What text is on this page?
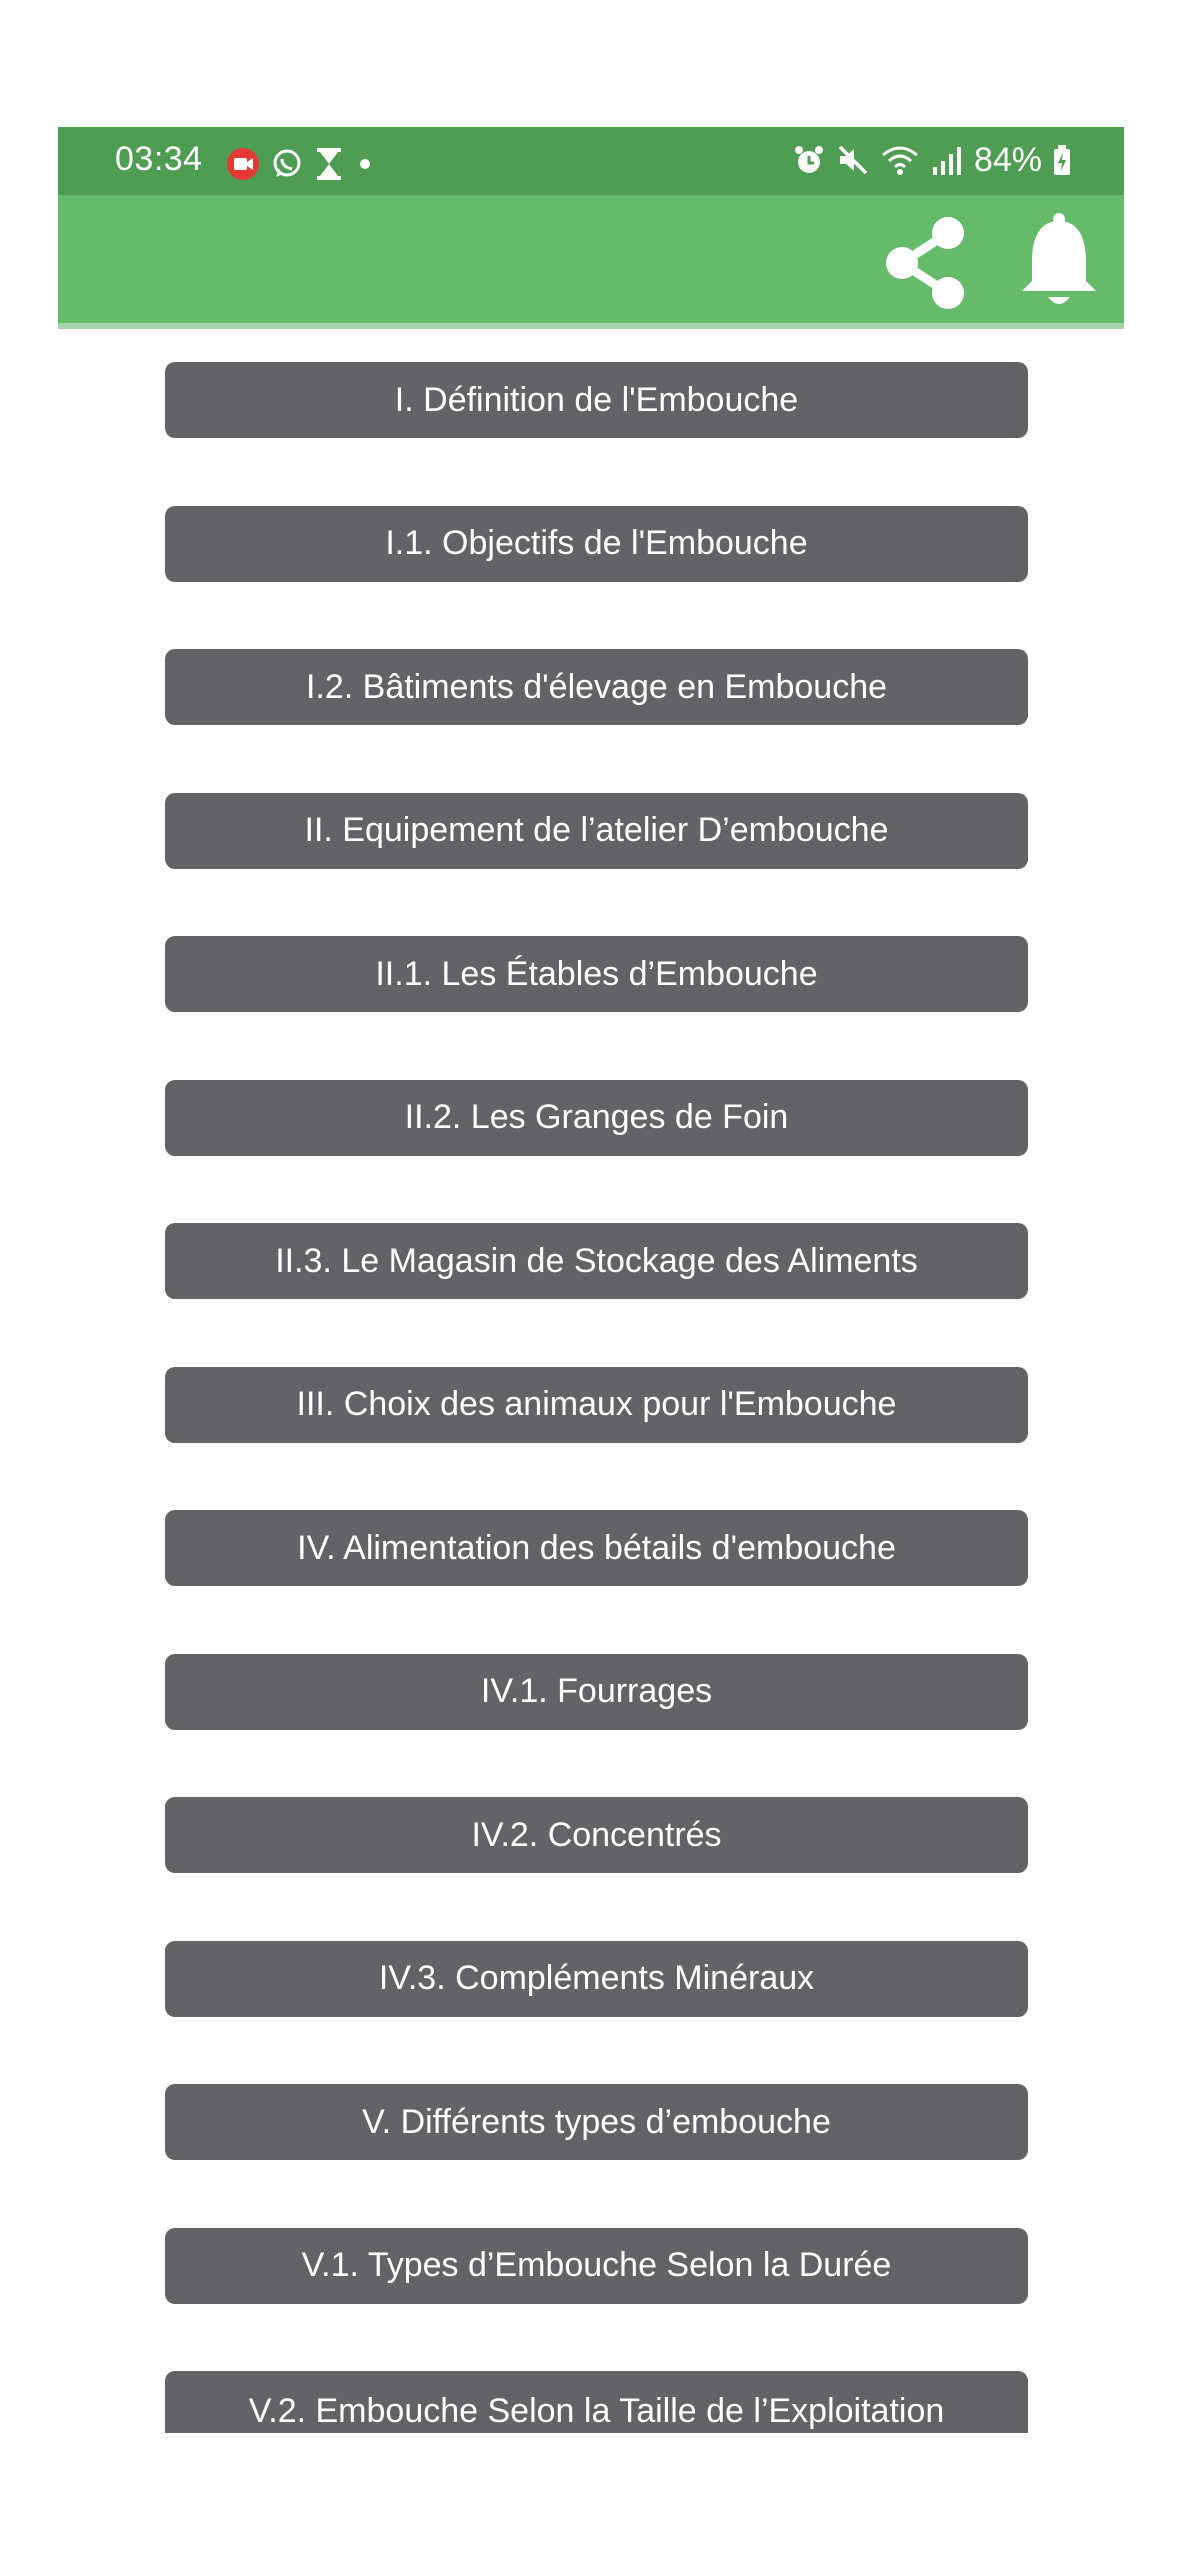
03:34	84%
I. Définition de l'Embouche
I.1. Objectifs de l'Embouche
I.2. Bâtiments d'élevage en Embouche
II. Equipement de l’atelier D’embouche
II.1. Les Étables d’Embouche
II.2. Les Granges de Foin
II.3. Le Magasin de Stockage des Aliments
III. Choix des animaux pour l'Embouche
IV. Alimentation des bétails d'embouche
IV.1. Fourrages
IV.2. Concentrés
IV.3. Compléments Minéraux
V. Différents types d’embouche
V.1. Types d’Embouche Selon la Durée
V.2. Embouche Selon la Taille de l’Exploitation
